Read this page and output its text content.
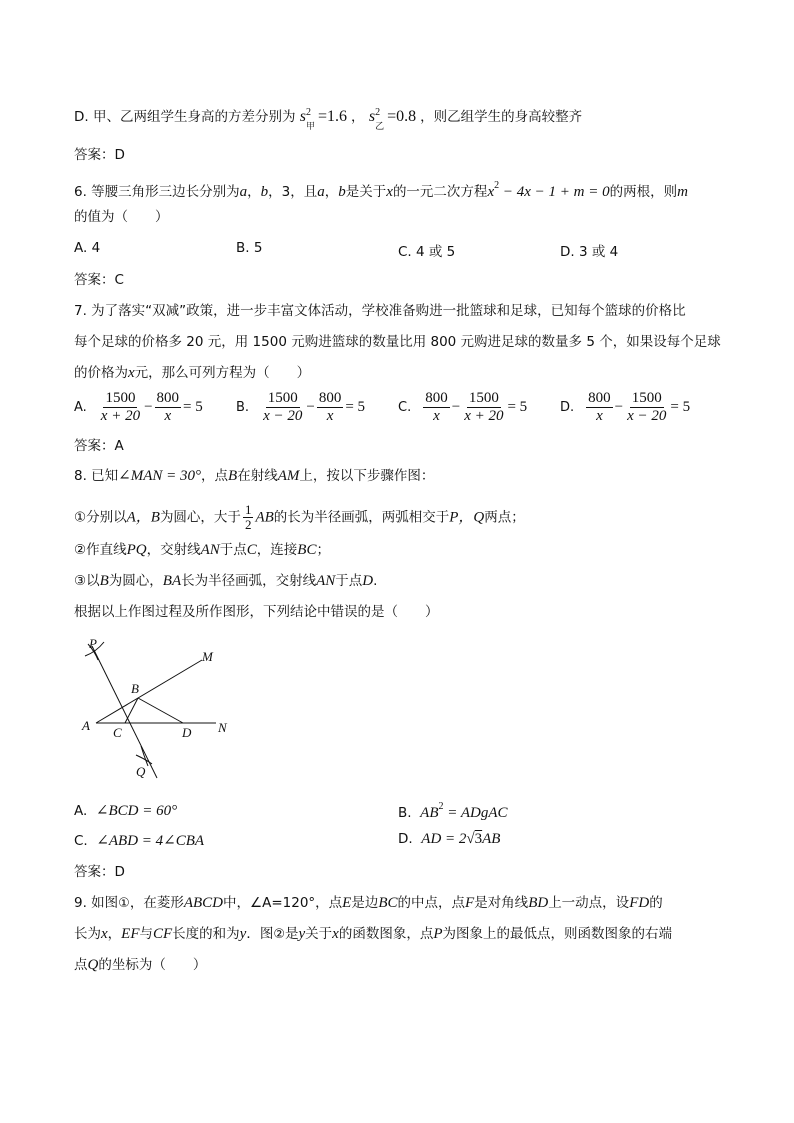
D. 甲、乙两组学生身高的方差分别为 s 2
甲
=1.6 ， s 2
乙
=0.8 ，则乙组学生的身高较整齐
答案：D
6. 等腰三角形三边长分别为a，b，3，且a，b是关于x的一元二次方程$x^2 - 4x - 1 + m = 0$的两根，则m
的值为（　　）
A. 4	B. 5	C. 4 或 5	D. 3 或 4
答案：C
7. 为了落实“双减”政策，进一步丰富文体活动，学校准备购进一批篮球和足球，已知每个篮球的价格比
每个足球的价格多 20 元，用 1500 元购进篮球的数量比用 800 元购进足球的数量多 5 个，如果设每个足球
的价格为x元，那么可列方程为（　　）
A. $\frac{1500}{x + 20} - \frac{800}{x} = 5$	B. $\frac{1500}{x - 20} - \frac{800}{x} = 5$	C. $\frac{800}{x} - \frac{1500}{x + 20} = 5$	D. $\frac{800}{x} - \frac{1500}{x - 20} = 5$
答案：A
8. 已知∠MAN = 30°，点B在射线AM上，按以下步骤作图：
①分别以A，B为圆心，大于 $\frac{1}{2}$ AB的长为半径画弧，两弧相交于P，Q两点；
②作直线PQ，交射线AN于点C，连接BC；
③以B为圆心，BA长为半径画弧，交射线AN于点D.
根据以上作图过程及所作图形，下列结论中错误的是（　　）
P
M
B
A C	D N
Q
A. ∠BCD = 60°	B. $AB^2$ = ADgAC
C. ∠ABD = 4∠CBA	D. AD = 2√3AB
答案：D
9. 如图①，在菱形ABCD中，∠A=120°，点E是边BC的中点，点F是对角线BD上一动点，设FD的
长为x，EF与CF长度的和为y．图②是y关于x的函数图象，点P为图象上的最低点，则函数图象的右端
点Q的坐标为（　　）
